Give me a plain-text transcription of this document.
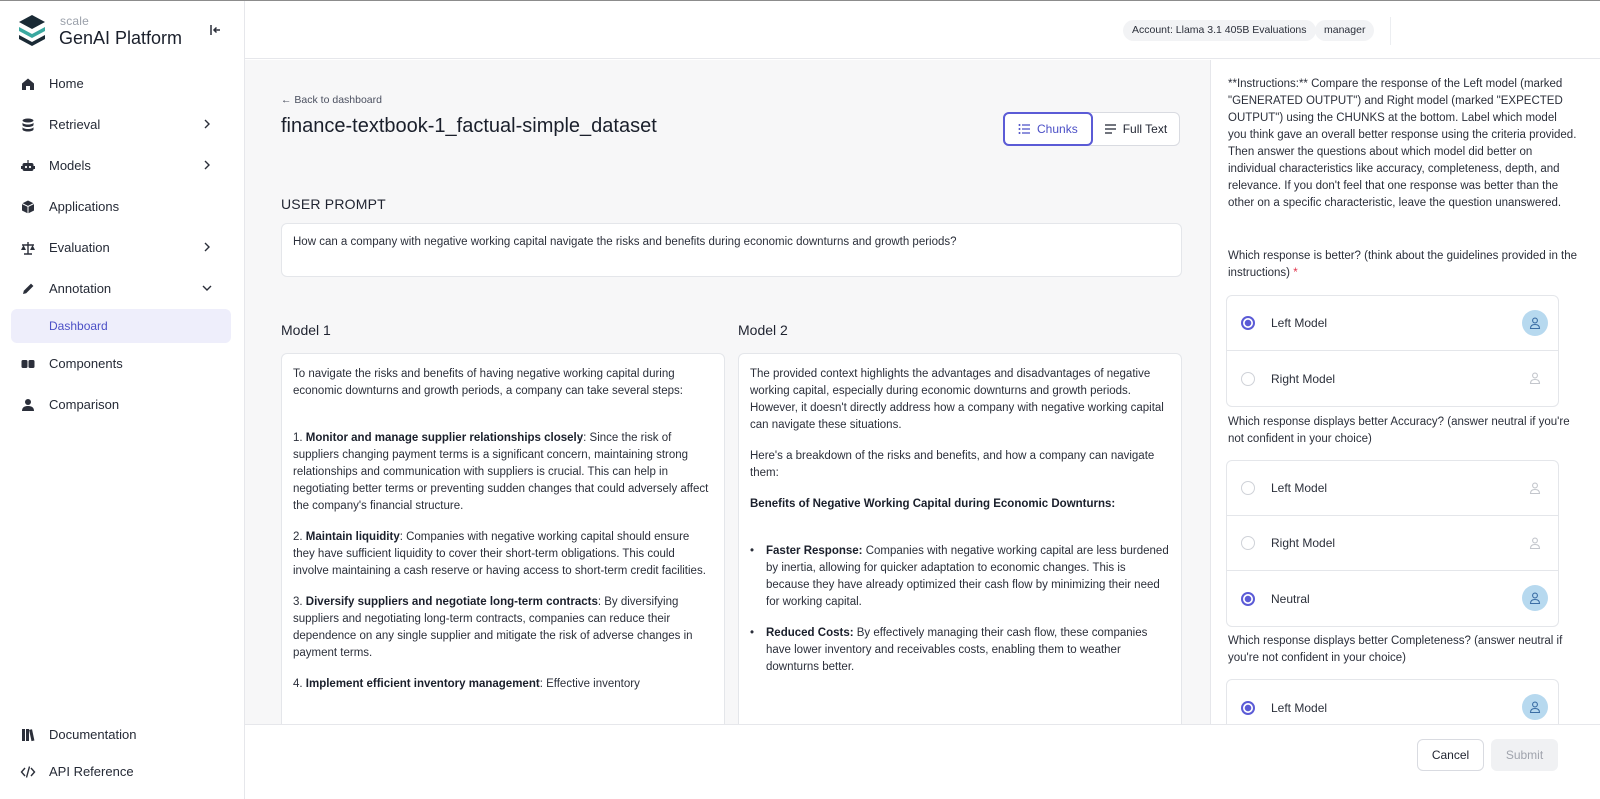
scale
GenAI Platform
Home
Retrieval
Models
Applications
Evaluation
Annotation
Dashboard
Components
Comparison
Documentation
API Reference
Account: Llama 3.1 405B Evaluations	manager
← Back to dashboard
finance-textbook-1_factual-simple_dataset	Chunks	Full Text
USER PROMPT
How can a company with negative working capital navigate the risks and benefits during economic downturns and growth periods?
Model 1	Model 2

To navigate the risks and benefits of having negative working capital during economic downturns and growth periods, a company can take several steps:

1. Monitor and manage supplier relationships closely: Since the risk of suppliers changing payment terms is a significant concern, maintaining strong relationships and communication with suppliers is crucial. This can help in negotiating better terms or preventing sudden changes that could adversely affect the company's financial structure.

2. Maintain liquidity: Companies with negative working capital should ensure they have sufficient liquidity to cover their short-term obligations. This could involve maintaining a cash reserve or having access to short-term credit facilities.

3. Diversify suppliers and negotiate long-term contracts: By diversifying suppliers and negotiating long-term contracts, companies can reduce their dependence on any single supplier and mitigate the risk of adverse changes in payment terms.

4. Implement efficient inventory management: Effective inventory

The provided context highlights the advantages and disadvantages of negative working capital, especially during economic downturns and growth periods. However, it doesn't directly address how a company with negative working capital can navigate these situations.

Here's a breakdown of the risks and benefits, and how a company can navigate them:

Benefits of Negative Working Capital during Economic Downturns:

•	Faster Response: Companies with negative working capital are less burdened by inertia, allowing for quicker adaptation to economic changes. This is because they have already optimized their cash flow by minimizing their need for working capital.
•	Reduced Costs: By effectively managing their cash flow, these companies have lower inventory and receivables costs, enabling them to weather downturns better.
**Instructions:** Compare the response of the Left model (marked "GENERATED OUTPUT") and Right model (marked "EXPECTED OUTPUT") using the CHUNKS at the bottom. Label which model you think gave an overall better response using the criteria provided. Then answer the questions about which model did better on individual characteristics like accuracy, completeness, depth, and relevance. If you don't feel that one response was better than the other on a specific characteristic, leave the question unanswered.
Which response is better? (think about the guidelines provided in the instructions) *
Left Model
Right Model
Which response displays better Accuracy? (answer neutral if you're not confident in your choice)
Left Model
Right Model
Neutral
Which response displays better Completeness? (answer neutral if you're not confident in your choice)
Left Model
Cancel	Submit
